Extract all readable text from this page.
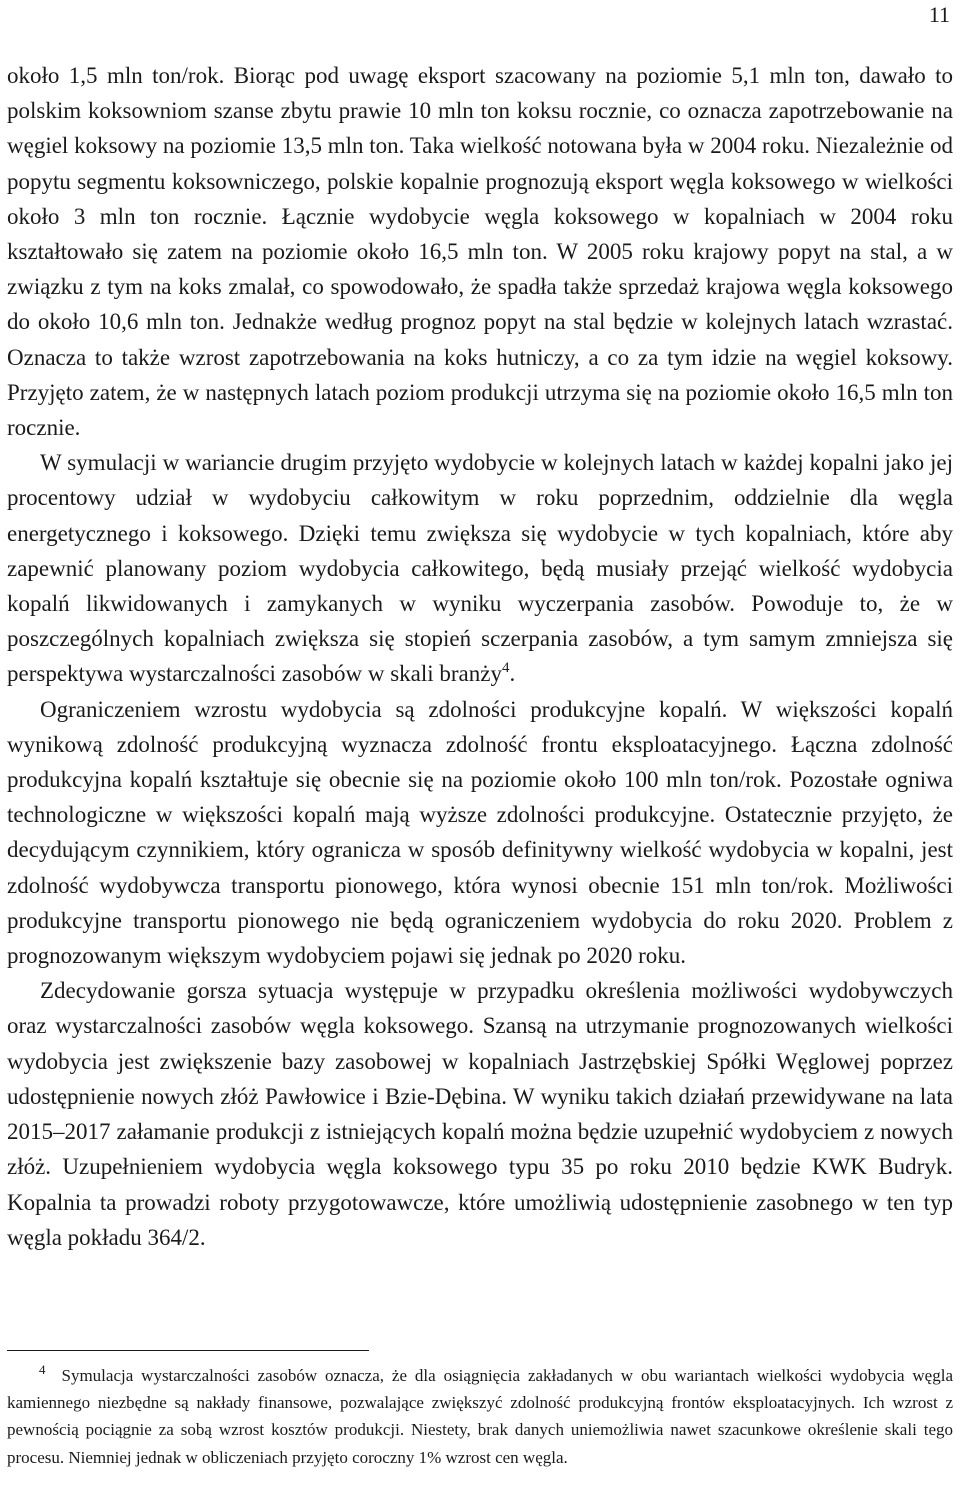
11

około 1,5 mln ton/rok. Biorąc pod uwagę eksport szacowany na poziomie 5,1 mln ton, dawało to polskim koksowniom szanse zbytu prawie 10 mln ton koksu rocznie, co oznacza zapotrzebowanie na węgiel koksowy na poziomie 13,5 mln ton. Taka wielkość notowana była w 2004 roku. Niezależnie od popytu segmentu koksowniczego, polskie kopalnie prognozują eksport węgla koksowego w wielkości około 3 mln ton rocznie. Łącznie wydobycie węgla koksowego w kopalniach w 2004 roku kształtowało się zatem na poziomie około 16,5 mln ton. W 2005 roku krajowy popyt na stal, a w związku z tym na koks zmalał, co spowodowało, że spadła także sprzedaż krajowa węgla koksowego do około 10,6 mln ton. Jednakże według prognoz popyt na stal będzie w kolejnych latach wzrastać. Oznacza to także wzrost zapotrzebowania na koks hutniczy, a co za tym idzie na węgiel koksowy. Przyjęto zatem, że w następnych latach poziom produkcji utrzyma się na poziomie około 16,5 mln ton rocznie.

W symulacji w wariancie drugim przyjęto wydobycie w kolejnych latach w każdej kopalni jako jej procentowy udział w wydobyciu całkowitym w roku poprzednim, oddzielnie dla węgla energetycznego i koksowego. Dzięki temu zwiększa się wydobycie w tych kopalniach, które aby zapewnić planowany poziom wydobycia całkowitego, będą musiały przejąć wielkość wydobycia kopalń likwidowanych i zamykanych w wyniku wyczerpania zasobów. Powoduje to, że w poszczególnych kopalniach zwiększa się stopień sczerpania zasobów, a tym samym zmniejsza się perspektywa wystarczalności zasobów w skali branży$^4$.

Ograniczeniem wzrostu wydobycia są zdolności produkcyjne kopalń. W większości kopalń wynikową zdolność produkcyjną wyznacza zdolność frontu eksploatacyjnego. Łączna zdolność produkcyjna kopalń kształtuje się obecnie się na poziomie około 100 mln ton/rok. Pozostałe ogniwa technologiczne w większości kopalń mają wyższe zdolności produkcyjne. Ostatecznie przyjęto, że decydującym czynnikiem, który ogranicza w sposób definitywny wielkość wydobycia w kopalni, jest zdolność wydobywcza transportu pionowego, która wynosi obecnie 151 mln ton/rok. Możliwości produkcyjne transportu pionowego nie będą ograniczeniem wydobycia do roku 2020. Problem z prognozowanym większym wydobyciem pojawi się jednak po 2020 roku.

Zdecydowanie gorsza sytuacja występuje w przypadku określenia możliwości wydobywczych oraz wystarczalności zasobów węgla koksowego. Szansą na utrzymanie prognozowanych wielkości wydobycia jest zwiększenie bazy zasobowej w kopalniach Jastrzębskiej Spółki Węglowej poprzez udostępnienie nowych złóż Pawłowice i Bzie-Dębina. W wyniku takich działań przewidywane na lata 2015–2017 załamanie produkcji z istniejących kopalń można będzie uzupełnić wydobyciem z nowych złóż. Uzupełnieniem wydobycia węgla koksowego typu 35 po roku 2010 będzie KWK Budryk. Kopalnia ta prowadzi roboty przygotowawcze, które umożliwią udostępnienie zasobnego w ten typ węgla pokładu 364/2.

$^4$ Symulacja wystarczalności zasobów oznacza, że dla osiągnięcia zakładanych w obu wariantach wielkości wydobycia węgla kamiennego niezbędne są nakłady finansowe, pozwalające zwiększyć zdolność produkcyjną frontów eksploatacyjnych. Ich wzrost z pewnością pociągnie za sobą wzrost kosztów produkcji. Niestety, brak danych uniemożliwia nawet szacunkowe określenie skali tego procesu. Niemniej jednak w obliczeniach przyjęto coroczny 1% wzrost cen węgla.
